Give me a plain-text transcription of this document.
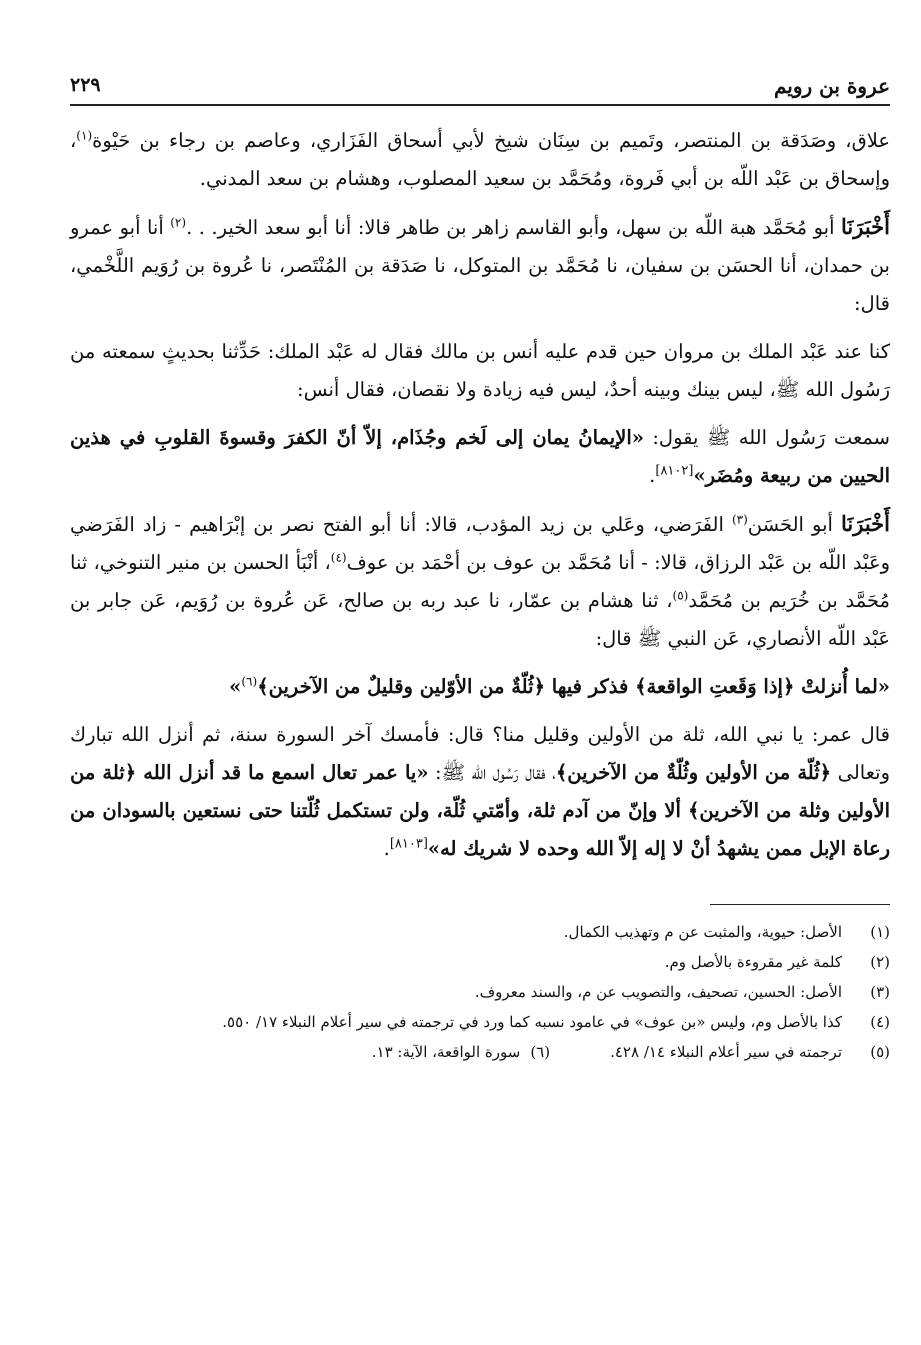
عروة بن رويم
٢٢٩

علاق، وصَدَقة بن المنتصر، وتَميم بن سِنَان شيخ لأبي أسحاق الفَزَاري، وعاصم بن رجاء بن حَيْوة$^{(١)}$، وإسحاق بن عَبْد اللّه بن أبي فَروة، ومُحَمَّد بن سعيد المصلوب، وهشام بن سعد المدني.

أَخْبَرَنَا أبو مُحَمَّد هبة اللّه بن سهل، وأبو القاسم زاهر بن طاهر قالا: أنا أبو سعد الخير. . .$^{(٢)}$ أنا أبو عمرو بن حمدان، أنا الحسَن بن سفيان، نا مُحَمَّد بن المتوكل، نا صَدَقة بن المُنْتَصر، نا عُروة بن رُوَيم اللَّخْمي، قال:

كنا عند عَبْد الملك بن مروان حين قدم عليه أنس بن مالك فقال له عَبْد الملك: حَدِّثنا بحديثٍ سمعته من رَسُول الله ﷺ، ليس بينك وبينه أحدٌ، ليس فيه زيادة ولا نقصان، فقال أنس:

سمعت رَسُول الله ﷺ يقول: «الإيمانُ يمان إلى لَخم وجُذَام، إلاّ أنّ الكفرَ وقسوةَ القلوبِ في هذين الحيين من ربيعة ومُضَر»[٨١٠٢].

أَخْبَرَنَا أبو الحَسَن$^{(٣)}$ الفَرَضي، وعَلي بن زيد المؤدب، قالا: أنا أبو الفتح نصر بن إبْرَاهيم - زاد الفَرَضي وعَبْد اللّه بن عَبْد الرزاق، قالا: - أنا مُحَمَّد بن عوف بن أحْمَد بن عوف$^{(٤)}$، أنْبَأ الحسن بن منير التنوخي، ثنا مُحَمَّد بن خُرَيم بن مُحَمَّد$^{(٥)}$، ثنا هشام بن عمّار، نا عبد ربه بن صالح، عَن عُروة بن رُوَيم، عَن جابر بن عَبْد اللّه الأنصاري، عَن النبي ﷺ قال:

«لما أُنزلتْ ﴿إذا وَقَعتِ الواقعة﴾ فذكر فيها ﴿ثُلّةٌ من الأوّلين وقليلٌ من الآخرين﴾$^{(٦)}$»

قال عمر: يا نبي الله، ثلة من الأولين وقليل منا؟ قال: فأمسك آخر السورة سنة، ثم أنزل الله تبارك وتعالى ﴿ثُلّة من الأولين وثُلّةٌ من الآخرين﴾، فقال رَسُول الله ﷺ: «يا عمر تعال اسمع ما قد أنزل الله ﴿ثلة من الأولين وثلة من الآخرين﴾ ألا وإنّ من آدم ثلة، وأمّتي ثُلّة، ولن تستكمل ثُلّتنا حتى نستعين بالسودان من رعاة الإبل ممن يشهدُ أنْ لا إله إلاّ الله وحده لا شريك له»[٨١٠٣].

(١)
الأصل: حيوية، والمثبت عن م وتهذيب الكمال.
(٢)
كلمة غير مقروءة بالأصل وم.
(٣)
الأصل: الحسين، تصحيف، والتصويب عن م، والسند معروف.
(٤)
كذا بالأصل وم، وليس «بن عوف» في عامود نسبه كما ورد في ترجمته في سير أعلام النبلاء ١٧/ ٥٥٠.
(٥)
ترجمته في سير أعلام النبلاء ١٤/ ٤٢٨.
(٦)
سورة الواقعة، الآية: ١٣.
